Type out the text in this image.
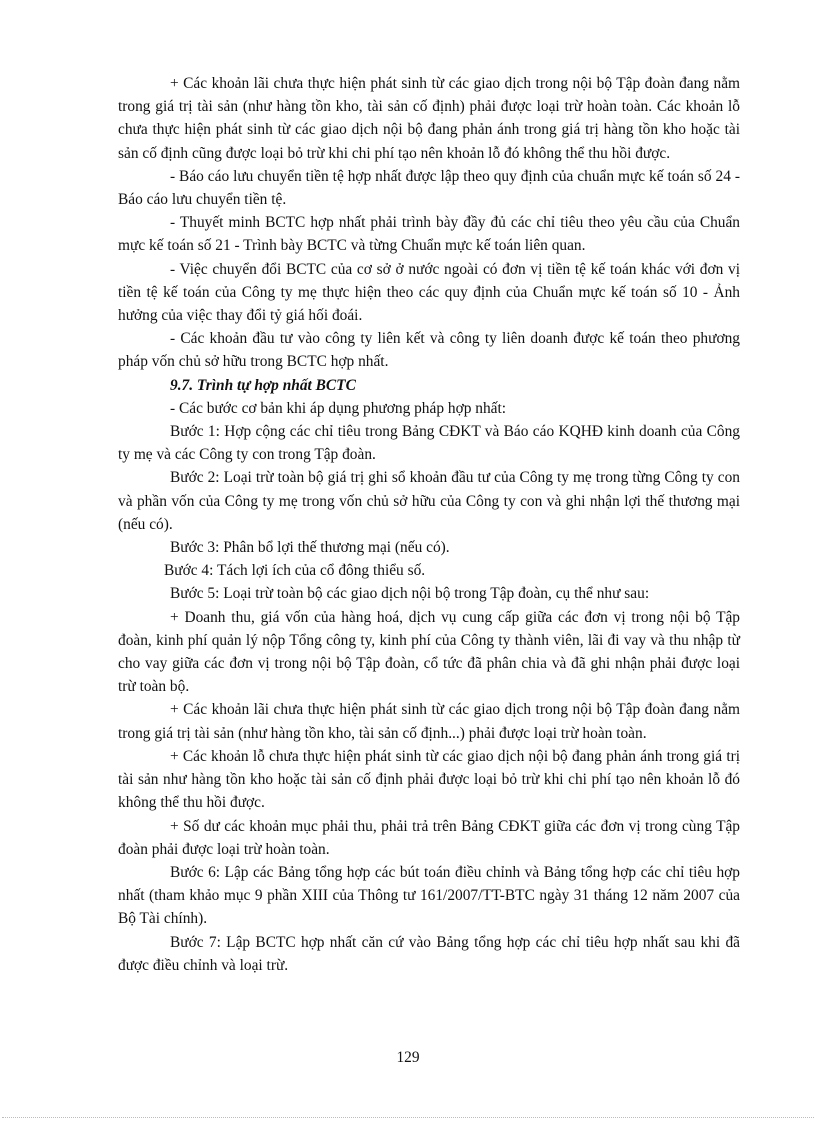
+ Các khoản lãi chưa thực hiện phát sinh từ các giao dịch trong nội bộ Tập đoàn đang nằm trong giá trị tài sản (như hàng tồn kho, tài sản cố định) phải được loại trừ hoàn toàn. Các khoản lỗ chưa thực hiện phát sinh từ các giao dịch nội bộ đang phản ánh trong giá trị hàng tồn kho hoặc tài sản cố định cũng được loại bỏ trừ khi chi phí tạo nên khoản lỗ đó không thể thu hồi được.

- Báo cáo lưu chuyển tiền tệ hợp nhất được lập theo quy định của chuẩn mực kế toán số 24 - Báo cáo lưu chuyển tiền tệ.

- Thuyết minh BCTC hợp nhất phải trình bày đầy đủ các chỉ tiêu theo yêu cầu của Chuẩn mực kế toán số 21 - Trình bày BCTC và từng Chuẩn mực kế toán liên quan.

- Việc chuyển đổi BCTC của cơ sở ở nước ngoài có đơn vị tiền tệ kế toán khác với đơn vị tiền tệ kế toán của Công ty mẹ thực hiện theo các quy định của Chuẩn mực kế toán số 10 - Ảnh hưởng của việc thay đổi tỷ giá hối đoái.

- Các khoản đầu tư vào công ty liên kết và công ty liên doanh được kế toán theo phương pháp vốn chủ sở hữu trong BCTC hợp nhất.

9.7. Trình tự hợp nhất BCTC

- Các bước cơ bản khi áp dụng phương pháp hợp nhất:

Bước 1: Hợp cộng các chỉ tiêu trong Bảng CĐKT và Báo cáo KQHĐ kinh doanh của Công ty mẹ và các Công ty con trong Tập đoàn.

Bước 2: Loại trừ toàn bộ giá trị ghi sổ khoản đầu tư của Công ty mẹ trong từng Công ty con và phần vốn của Công ty mẹ trong vốn chủ sở hữu của Công ty con và ghi nhận lợi thế thương mại (nếu có).

Bước 3: Phân bổ lợi thế thương mại (nếu có).

Bước 4: Tách lợi ích của cổ đông thiểu số.

Bước 5: Loại trừ toàn bộ các giao dịch nội bộ trong Tập đoàn, cụ thể như sau:

+ Doanh thu, giá vốn của hàng hoá, dịch vụ cung cấp giữa các đơn vị trong nội bộ Tập đoàn, kinh phí quản lý nộp Tổng công ty, kinh phí của Công ty thành viên, lãi đi vay và thu nhập từ cho vay giữa các đơn vị trong nội bộ Tập đoàn, cổ tức đã phân chia và đã ghi nhận phải được loại trừ toàn bộ.

+ Các khoản lãi chưa thực hiện phát sinh từ các giao dịch trong nội bộ Tập đoàn đang nằm trong giá trị tài sản (như hàng tồn kho, tài sản cố định...) phải được loại trừ hoàn toàn.

+ Các khoản lỗ chưa thực hiện phát sinh từ các giao dịch nội bộ đang phản ánh trong giá trị tài sản như hàng tồn kho hoặc tài sản cố định phải được loại bỏ trừ khi chi phí tạo nên khoản lỗ đó không thể thu hồi được.

+ Số dư các khoản mục phải thu, phải trả trên Bảng CĐKT giữa các đơn vị trong cùng Tập đoàn phải được loại trừ hoàn toàn.

Bước 6: Lập các Bảng tổng hợp các bút toán điều chỉnh và Bảng tổng hợp các chỉ tiêu hợp nhất (tham khảo mục 9 phần XIII của Thông tư 161/2007/TT-BTC ngày 31 tháng 12 năm 2007 của Bộ Tài chính).

Bước 7: Lập BCTC hợp nhất căn cứ vào Bảng tổng hợp các chỉ tiêu hợp nhất sau khi đã được điều chỉnh và loại trừ.

129
